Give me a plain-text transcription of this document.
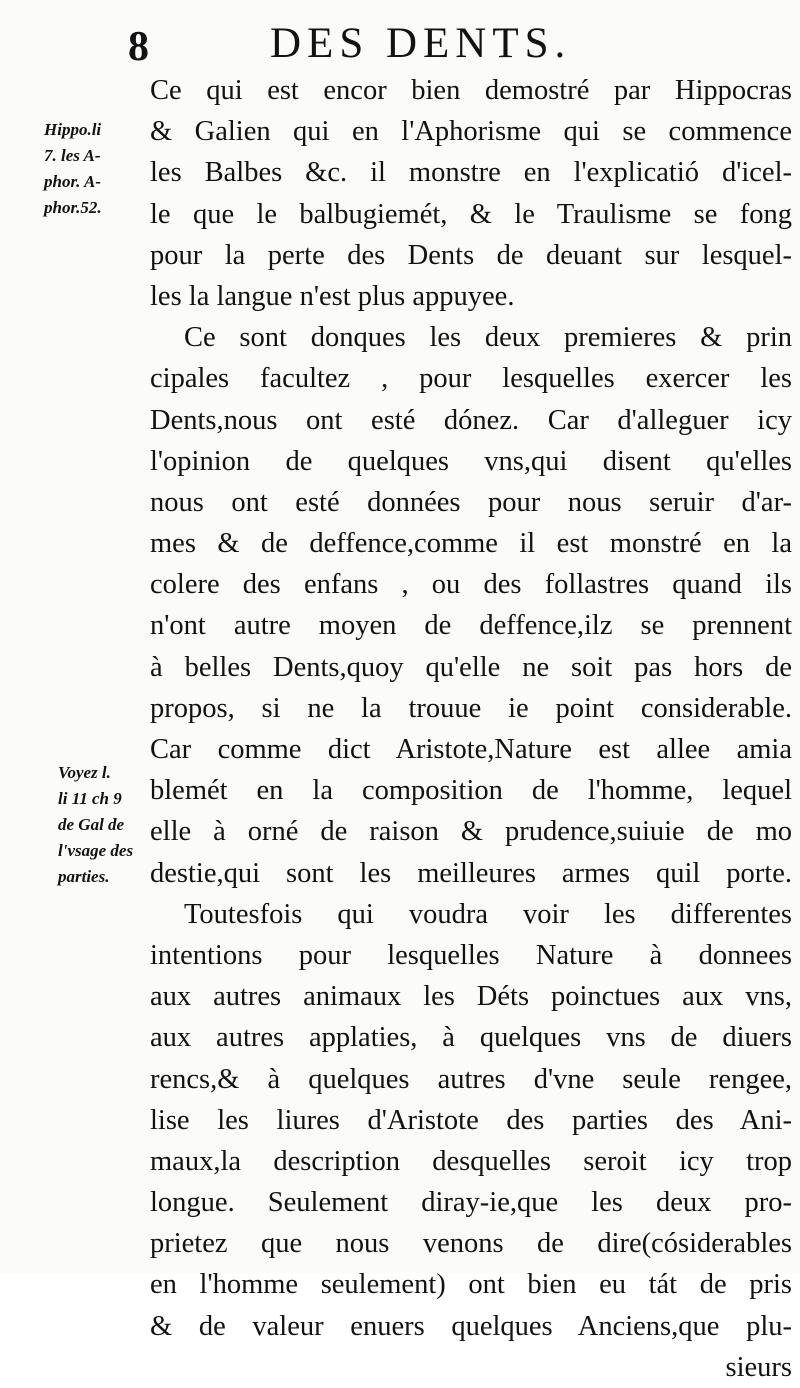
8	DES DENTS.
Hippo.li
7. les A-
phor. A-
phor.52.
Voyez l.
li 11 ch 9
de Gal de
l'vsage des
parties.
Ce qui est encor bien demostré par Hippocras
& Galien qui en l'Aphorisme qui se commence
les Balbes &c. il monstre en l'explicatió d'icel-
le que le balbugiemét, & le Traulisme se fong
pour la perte des Dents de deuant sur lesquel-
les la langue n'est plus appuyee.
Ce sont donques les deux premieres & prin
cipales facultez , pour lesquelles exercer les
Dents,nous ont esté dónez. Car d'alleguer icy
l'opinion de quelques vns,qui disent qu'elles
nous ont esté données pour nous seruir d'ar-
mes & de deffence,comme il est monstré en la
colere des enfans , ou des follastres quand ils
n'ont autre moyen de deffence,ilz se prennent
à belles Dents,quoy qu'elle ne soit pas hors de
propos, si ne la trouue ie point considerable.
Car comme dict Aristote,Nature est allee amia
blemét en la composition de l'homme, lequel
elle à orné de raison & prudence,suiuie de mo
destie,qui sont les meilleures armes quil porte.
Toutesfois qui voudra voir les differentes
intentions pour lesquelles Nature à donnees
aux autres animaux les Déts poinctues aux vns,
aux autres applaties, à quelques vns de diuers
rencs,& à quelques autres d'vne seule rengee,
lise les liures d'Aristote des parties des Ani-
maux,la description desquelles seroit icy trop
longue. Seulement diray-ie,que les deux pro-
prietez que nous venons de dire(cósiderables
en l'homme seulement) ont bien eu tát de pris
& de valeur enuers quelques Anciens,que plu-
sieurs
